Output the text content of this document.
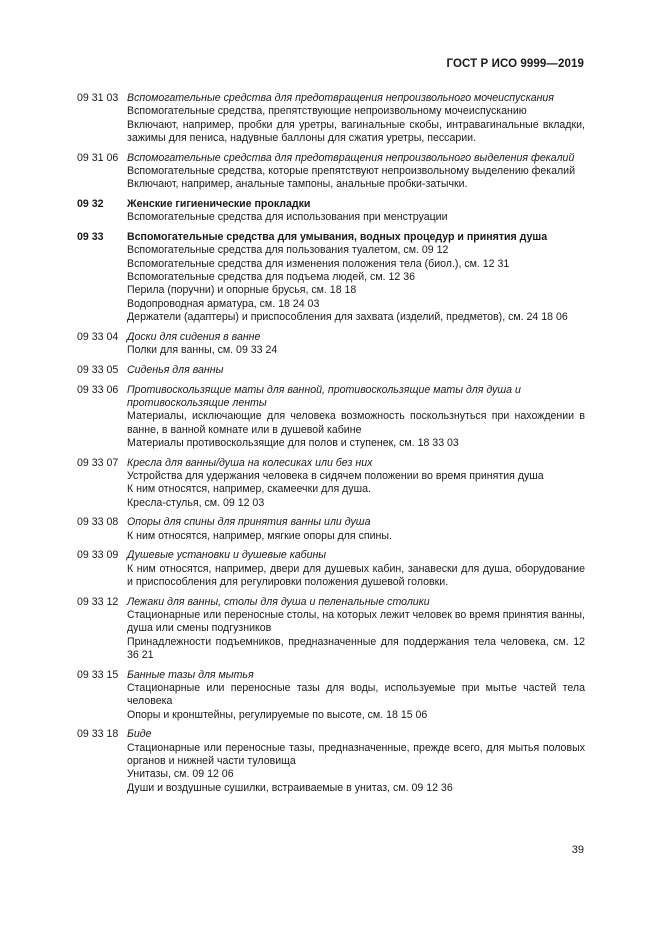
ГОСТ Р ИСО 9999—2019
09 31 03 Вспомогательные средства для предотвращения непроизвольного мочеиспускания
Вспомогательные средства, препятствующие непроизвольному мочеиспусканию
Включают, например, пробки для уретры, вагинальные скобы, интравагинальные вкладки, зажимы для пениса, надувные баллоны для сжатия уретры, пессарии.
09 31 06 Вспомогательные средства для предотвращения непроизвольного выделения фекалий
Вспомогательные средства, которые препятствуют непроизвольному выделению фекалий
Включают, например, анальные тампоны, анальные пробки-затычки.
09 32	Женские гигиенические прокладки
Вспомогательные средства для использования при менструации
09 33	Вспомогательные средства для умывания, водных процедур и принятия душа
Вспомогательные средства для пользования туалетом, см. 09 12
Вспомогательные средства для изменения положения тела (биол.), см. 12 31
Вспомогательные средства для подъема людей, см. 12 36
Перила (поручни) и опорные брусья, см. 18 18
Водопроводная арматура, см. 18 24 03
Держатели (адаптеры) и приспособления для захвата (изделий, предметов), см. 24 18 06
09 33 04 Доски для сидения в ванне
Полки для ванны, см. 09 33 24
09 33 05 Сиденья для ванны
09 33 06 Противоскользящие маты для ванной, противоскользящие маты для душа и противоскользящие ленты
Материалы, исключающие для человека возможность поскользнуться при нахождении в ванне, в ванной комнате или в душевой кабине
Материалы противоскользящие для полов и ступенек, см. 18 33 03
09 33 07 Кресла для ванны/душа на колесиках или без них
Устройства для удержания человека в сидячем положении во время принятия душа
К ним относятся, например, скамеечки для душа.
Кресла-стулья, см. 09 12 03
09 33 08 Опоры для спины для принятия ванны или душа
К ним относятся, например, мягкие опоры для спины.
09 33 09 Душевые установки и душевые кабины
К ним относятся, например, двери для душевых кабин, занавески для душа, оборудование и приспособления для регулировки положения душевой головки.
09 33 12 Лежаки для ванны, столы для душа и пеленальные столики
Стационарные или переносные столы, на которых лежит человек во время принятия ванны, душа или смены подгузников
Принадлежности подъемников, предназначенные для поддержания тела человека, см. 12 36 21
09 33 15 Банные тазы для мытья
Стационарные или переносные тазы для воды, используемые при мытье частей тела человека
Опоры и кронштейны, регулируемые по высоте, см. 18 15 06
09 33 18 Биде
Стационарные или переносные тазы, предназначенные, прежде всего, для мытья половых органов и нижней части туловища
Унитазы, см. 09 12 06
Души и воздушные сушилки, встраиваемые в унитаз, см. 09 12 36
39
